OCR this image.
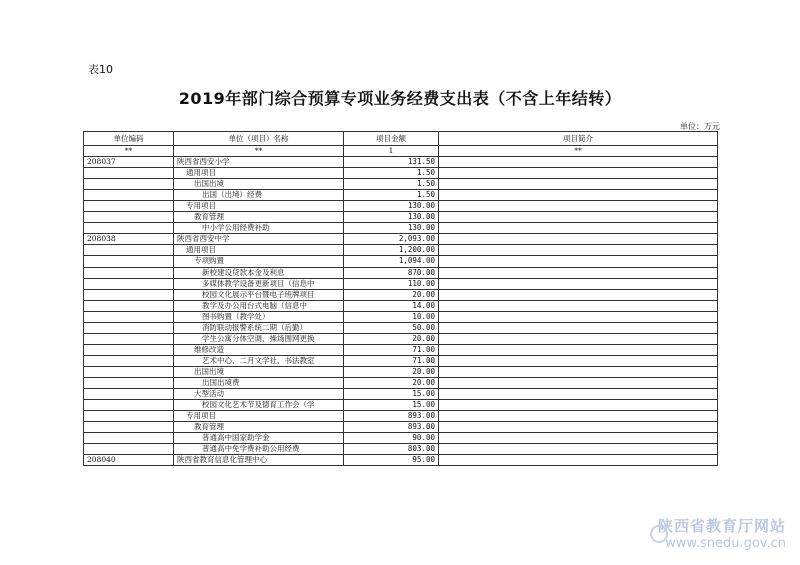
表10
2019年部门综合预算专项业务经费支出表（不含上年结转）
单位：万元
单位编码	单位（项目）名称	项目金额	项目简介
**	**	1	**
208037	陕西省西安小学	131.50	
	通用项目	1.50	
	出国出境	1.50	
	出国（出境）经费	1.50	
	专用项目	130.00	
	教育管理	130.00	
	中小学公用经费补助	130.00	
208038	陕西省西安中学	2,093.00	
	通用项目	1,200.00	
	专项购置	1,094.00	
	新校建设贷款本金及利息	870.00	
	多媒体教学设备更新项目（信息中	110.00	
	校园文化展示平台暨电子班牌项目	20.00	
	教学及办公用台式电脑（信息中	14.00	
	图书购置（教学处）	10.00	
	消防联动报警系统二期（后勤）	50.00	
	学生公寓分体空调、操场围网更换	20.00	
	维修改造	71.00	
	艺术中心、二月文学社、书法教室	71.00	
	出国出境	20.00	
	出国出境费	20.00	
	大型活动	15.00	
	校园文化艺术节及德育工作会（学	15.00	
	专用项目	893.00	
	教育管理	893.00	
	普通高中国家助学金	90.00	
	普通高中免学费补助公用经费	803.00	
208040	陕西省教育信息化管理中心	95.00	
陕西省教育厅网站
www.snedu.gov.cn
